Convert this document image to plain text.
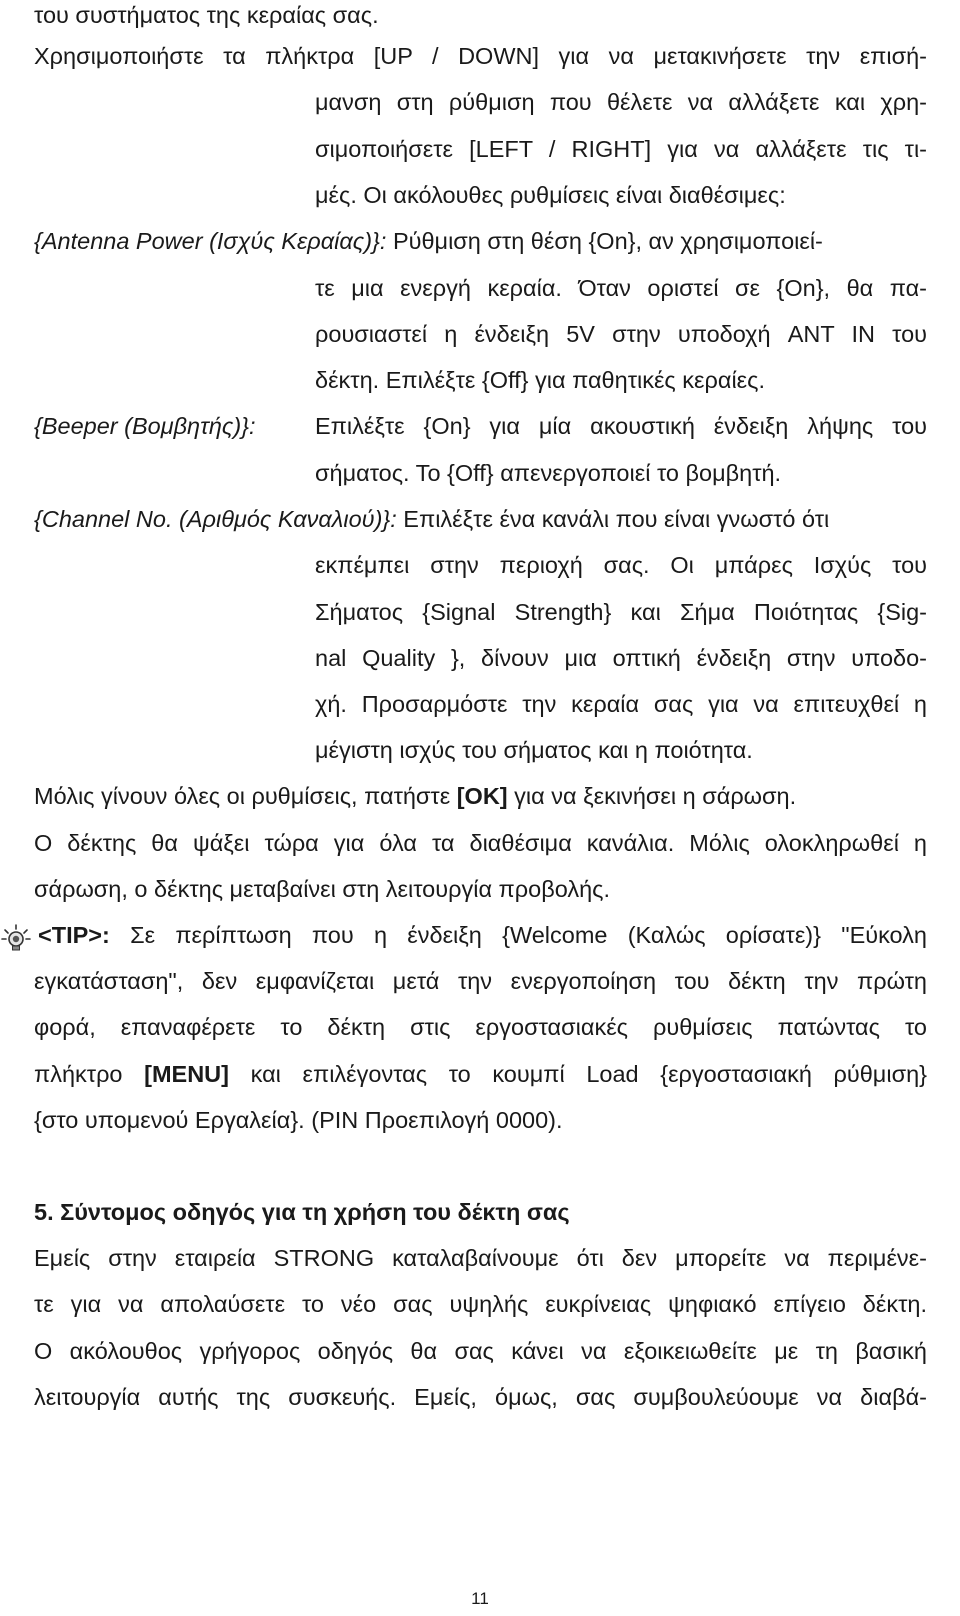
του συστήματος της κεραίας σας.
Χρησιμοποιήστε τα πλήκτρα [UP / DOWN] για να μετακινήσετε την επισή-
μανση στη ρύθμιση που θέλετε να αλλάξετε και χρη-
σιμοποιήσετε [LEFT / RIGHT] για να αλλάξετε τις τι-
μές. Οι ακόλουθες ρυθμίσεις είναι διαθέσιμες:
{Antenna Power (Ισχύς Κεραίας)}: Ρύθμιση στη θέση {On}, αν χρησιμοποιεί-
τε μια ενεργή κεραία. Όταν οριστεί σε {On}, θα πα-
ρουσιαστεί η ένδειξη 5V στην υποδοχή ANT IN του
δέκτη. Επιλέξτε {Off} για παθητικές κεραίες.
{Beeper (Βομβητής)}:	Επιλέξτε {On} για μία ακουστική ένδειξη λήψης του
σήματος. Το {Off} απενεργοποιεί το βομβητή.
{Channel No. (Αριθμός Καναλιού)}: Επιλέξτε ένα κανάλι που είναι γνωστό ότι
εκπέμπει στην περιοχή σας. Οι μπάρες Ισχύς του
Σήματος {Signal Strength} και Σήμα Ποιότητας {Sig-
nal Quality }, δίνουν μια οπτική ένδειξη στην υποδο-
χή. Προσαρμόστε την κεραία σας για να επιτευχθεί η
μέγιστη ισχύς του σήματος και η ποιότητα.
Μόλις γίνουν όλες οι ρυθμίσεις, πατήστε [OK] για να ξεκινήσει η σάρωση.
Ο δέκτης θα ψάξει τώρα για όλα τα διαθέσιμα κανάλια. Μόλις ολοκληρωθεί η
σάρωση, ο δέκτης μεταβαίνει στη λειτουργία προβολής.
<TIP>: Σε περίπτωση που η ένδειξη {Welcome (Καλώς ορίσατε)} "Εύκολη
εγκατάσταση", δεν εμφανίζεται μετά την ενεργοποίηση του δέκτη την πρώτη
φορά, επαναφέρετε το δέκτη στις εργοστασιακές ρυθμίσεις πατώντας το
πλήκτρο [MENU] και επιλέγοντας το κουμπί Load {εργοστασιακή ρύθμιση}
{στο υπομενού Εργαλεία}. (PIN Προεπιλογή 0000).
5. Σύντομος οδηγός για τη χρήση του δέκτη σας
Εμείς στην εταιρεία STRONG καταλαβαίνουμε ότι δεν μπορείτε να περιμένε-
τε για να απολαύσετε το νέο σας υψηλής ευκρίνειας ψηφιακό επίγειο δέκτη.
Ο ακόλουθος γρήγορος οδηγός θα σας κάνει να εξοικειωθείτε με τη βασική
λειτουργία αυτής της συσκευής. Εμείς, όμως, σας συμβουλεύουμε να διαβά-
11
